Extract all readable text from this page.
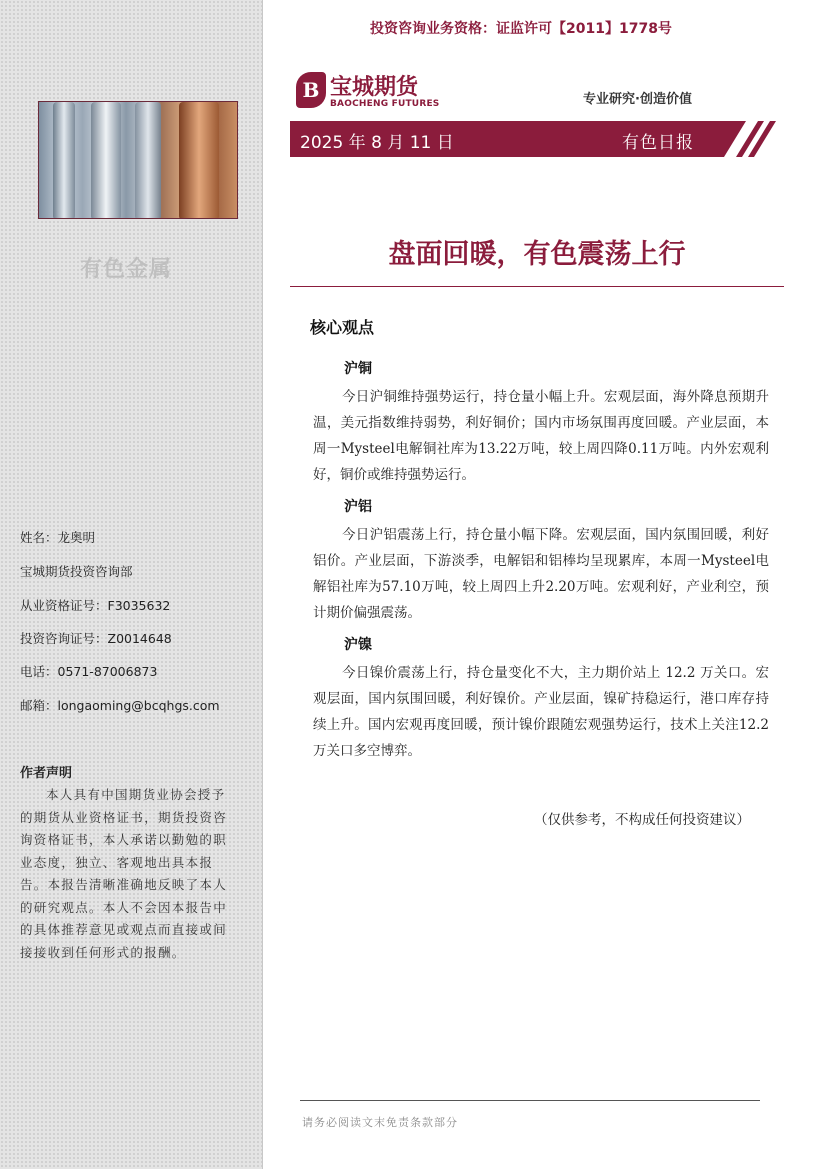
有色金属
姓名：龙奥明
宝城期货投资咨询部
从业资格证号：F3035632
投资咨询证号：Z0014648
电话：0571-87006873
邮箱：longaoming@bcqhgs.com
作者声明
本人具有中国期货业协会授予的期货从业资格证书，期货投资咨询资格证书，本人承诺以勤勉的职业态度，独立、客观地出具本报告。本报告清晰准确地反映了本人的研究观点。本人不会因本报告中的具体推荐意见或观点而直接或间接接收到任何形式的报酬。
投资咨询业务资格：证监许可【2011】1778号
B 宝城期货
BAOCHENG FUTURES	专业研究·创造价值
2025 年 8 月 11 日	有色日报
盘面回暖，有色震荡上行
核心观点
沪铜
今日沪铜维持强势运行，持仓量小幅上升。宏观层面，海外降息预期升温，美元指数维持弱势，利好铜价；国内市场氛围再度回暖。产业层面，本周一Mysteel电解铜社库为13.22万吨，较上周四降0.11万吨。内外宏观利好，铜价或维持强势运行。
沪铝
今日沪铝震荡上行，持仓量小幅下降。宏观层面，国内氛围回暖，利好铝价。产业层面，下游淡季，电解铝和铝棒均呈现累库，本周一Mysteel电解铝社库为57.10万吨，较上周四上升2.20万吨。宏观利好，产业利空，预计期价偏强震荡。
沪镍
今日镍价震荡上行，持仓量变化不大，主力期价站上 12.2 万关口。宏观层面，国内氛围回暖，利好镍价。产业层面，镍矿持稳运行，港口库存持续上升。国内宏观再度回暖，预计镍价跟随宏观强势运行，技术上关注12.2万关口多空博弈。
（仅供参考，不构成任何投资建议）
请务必阅读文末免责条款部分
